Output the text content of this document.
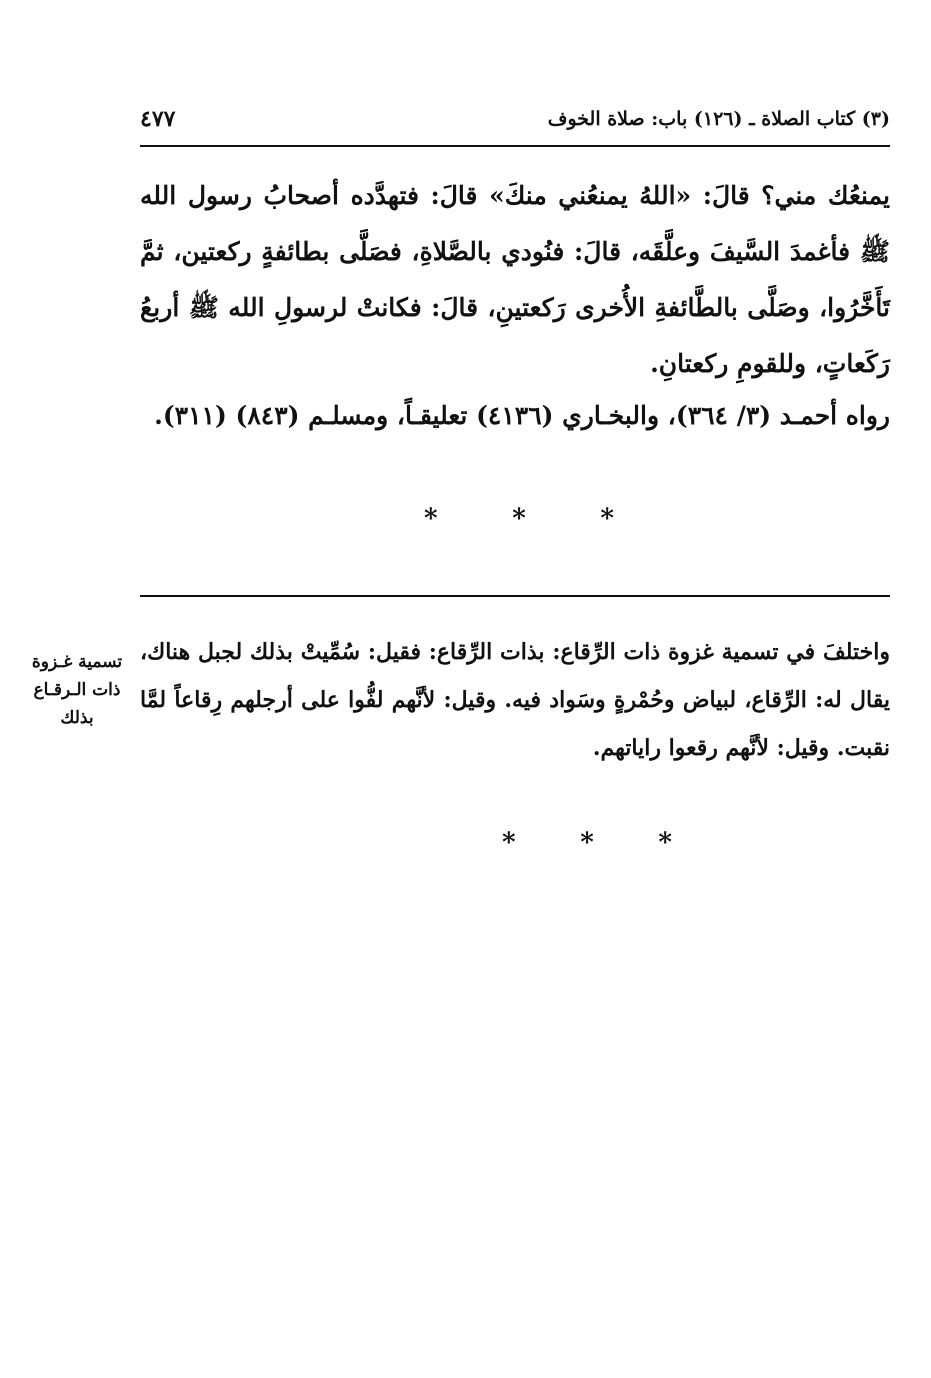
(٣) كتاب الصلاة ـ (١٢٦) باب: صلاة الخوف
٤٧٧
يمنعُك مني؟ قالَ: «اللهُ يمنعُني منكَ» قالَ: فتهدَّده أصحابُ رسول الله ﷺ فأغمدَ السَّيفَ وعلَّقَه، قالَ: فنُودي بالصَّلاةِ، فصَلَّى بطائفةٍ ركعتين، ثمَّ تَأَخَّرُوا، وصَلَّى بالطَّائفةِ الأُخرى رَكعتينِ، قالَ: فكانتْ لرسولِ الله ﷺ أربعُ رَكَعاتٍ، وللقومِ ركعتانِ.
رواه أحمـد (٣/ ٣٦٤)، والبخـاري (٤١٣٦) تعليقـاً، ومسلـم (٨٤٣) (٣١١).
*	*	*
واختلفَ في تسمية غزوة ذات الرِّقاع: بذات الرِّقاع: فقيل: سُمِّيتْ بذلك لجبل هناك، يقال له: الرِّقاع، لبياض وحُمْرةٍ وسَواد فيه. وقيل: لأنَّهم لفُّوا على أرجلهم رِقاعاً لمَّا نقبت. وقيل: لأنَّهم رقعوا راياتهم.
تسمية غـزوة ذات الـرقـاع بذلك
* * *
